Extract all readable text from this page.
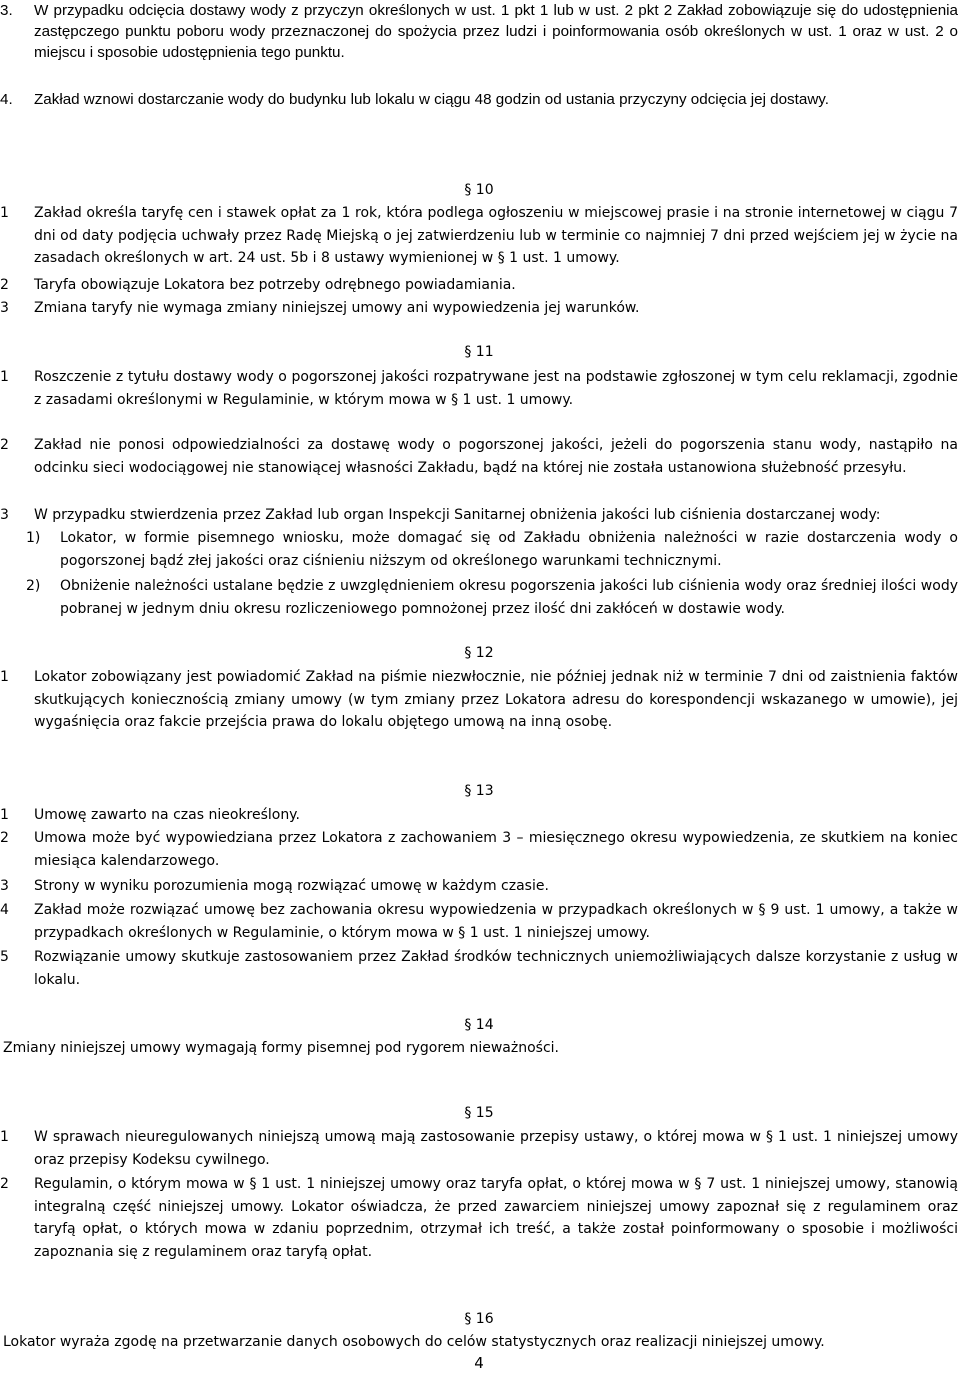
3. W przypadku odcięcia dostawy wody z przyczyn określonych w ust. 1 pkt 1 lub w ust. 2 pkt 2 Zakład zobowiązuje się do udostępnienia zastępczego punktu poboru wody przeznaczonej do spożycia przez ludzi i poinformowania osób określonych w ust. 1 oraz w ust. 2 o miejscu i sposobie udostępnienia tego punktu.
4. Zakład wznowi dostarczanie wody do budynku lub lokalu w ciągu 48 godzin od ustania przyczyny odcięcia jej dostawy.
§ 10
1 Zakład określa taryfę cen i stawek opłat za 1 rok, która podlega ogłoszeniu w miejscowej prasie i na stronie internetowej w ciągu 7 dni od daty podjęcia uchwały przez Radę Miejską o jej zatwierdzeniu lub w terminie co najmniej 7 dni przed wejściem jej w życie na zasadach określonych w art. 24 ust. 5b i 8 ustawy wymienionej w § 1 ust. 1 umowy.
2 Taryfa obowiązuje Lokatora bez potrzeby odrębnego powiadamiania.
3 Zmiana taryfy nie wymaga zmiany niniejszej umowy ani wypowiedzenia jej warunków.
§ 11
1 Roszczenie z tytułu dostawy wody o pogorszonej jakości rozpatrywane jest na podstawie zgłoszonej w tym celu reklamacji, zgodnie z zasadami określonymi w Regulaminie, w którym mowa w § 1 ust. 1 umowy.
2 Zakład nie ponosi odpowiedzialności za dostawę wody o pogorszonej jakości, jeżeli do pogorszenia stanu wody, nastąpiło na odcinku sieci wodociągowej nie stanowiącej własności Zakładu, bądź na której nie została ustanowiona służebność przesyłu.
3 W przypadku stwierdzenia przez Zakład lub organ Inspekcji Sanitarnej obniżenia jakości lub ciśnienia dostarczanej wody:
1) Lokator, w formie pisemnego wniosku, może domagać się od Zakładu obniżenia należności w razie dostarczenia wody o pogorszonej bądź złej jakości oraz ciśnieniu niższym od określonego warunkami technicznymi.
2) Obniżenie należności ustalane będzie z uwzględnieniem okresu pogorszenia jakości lub ciśnienia wody oraz średniej ilości wody pobranej w jednym dniu okresu rozliczeniowego pomnożonej przez ilość dni zakłóceń w dostawie wody.
§ 12
1 Lokator zobowiązany jest powiadomić Zakład na piśmie niezwłocznie, nie później jednak niż w terminie 7 dni od zaistnienia faktów skutkujących koniecznością zmiany umowy (w tym zmiany przez Lokatora adresu do korespondencji wskazanego w umowie), jej wygaśnięcia oraz fakcie przejścia prawa do lokalu objętego umową na inną osobę.
§ 13
1 Umowę zawarto na czas nieokreślony.
2 Umowa może być wypowiedziana przez Lokatora z zachowaniem 3 – miesięcznego okresu wypowiedzenia, ze skutkiem na koniec miesiąca kalendarzowego.
3 Strony w wyniku porozumienia mogą rozwiązać umowę w każdym czasie.
4 Zakład może rozwiązać umowę bez zachowania okresu wypowiedzenia w przypadkach określonych w § 9 ust. 1 umowy, a także w przypadkach określonych w Regulaminie, o którym mowa w § 1 ust. 1 niniejszej umowy.
5 Rozwiązanie umowy skutkuje zastosowaniem przez Zakład środków technicznych uniemożliwiających dalsze korzystanie z usług w lokalu.
§ 14
Zmiany niniejszej umowy wymagają formy pisemnej pod rygorem nieważności.
§ 15
1 W sprawach nieuregulowanych niniejszą umową mają zastosowanie przepisy ustawy, o której mowa w § 1 ust. 1 niniejszej umowy oraz przepisy Kodeksu cywilnego.
2 Regulamin, o którym mowa w § 1 ust. 1 niniejszej umowy oraz taryfa opłat, o której mowa w § 7 ust. 1 niniejszej umowy, stanowią integralną część niniejszej umowy. Lokator oświadcza, że przed zawarciem niniejszej umowy zapoznał się z regulaminem oraz taryfą opłat, o których mowa w zdaniu poprzednim, otrzymał ich treść, a także został poinformowany o sposobie i możliwości zapoznania się z regulaminem oraz taryfą opłat.
§ 16
Lokator wyraża zgodę na przetwarzanie danych osobowych do celów statystycznych oraz realizacji niniejszej umowy.
4
